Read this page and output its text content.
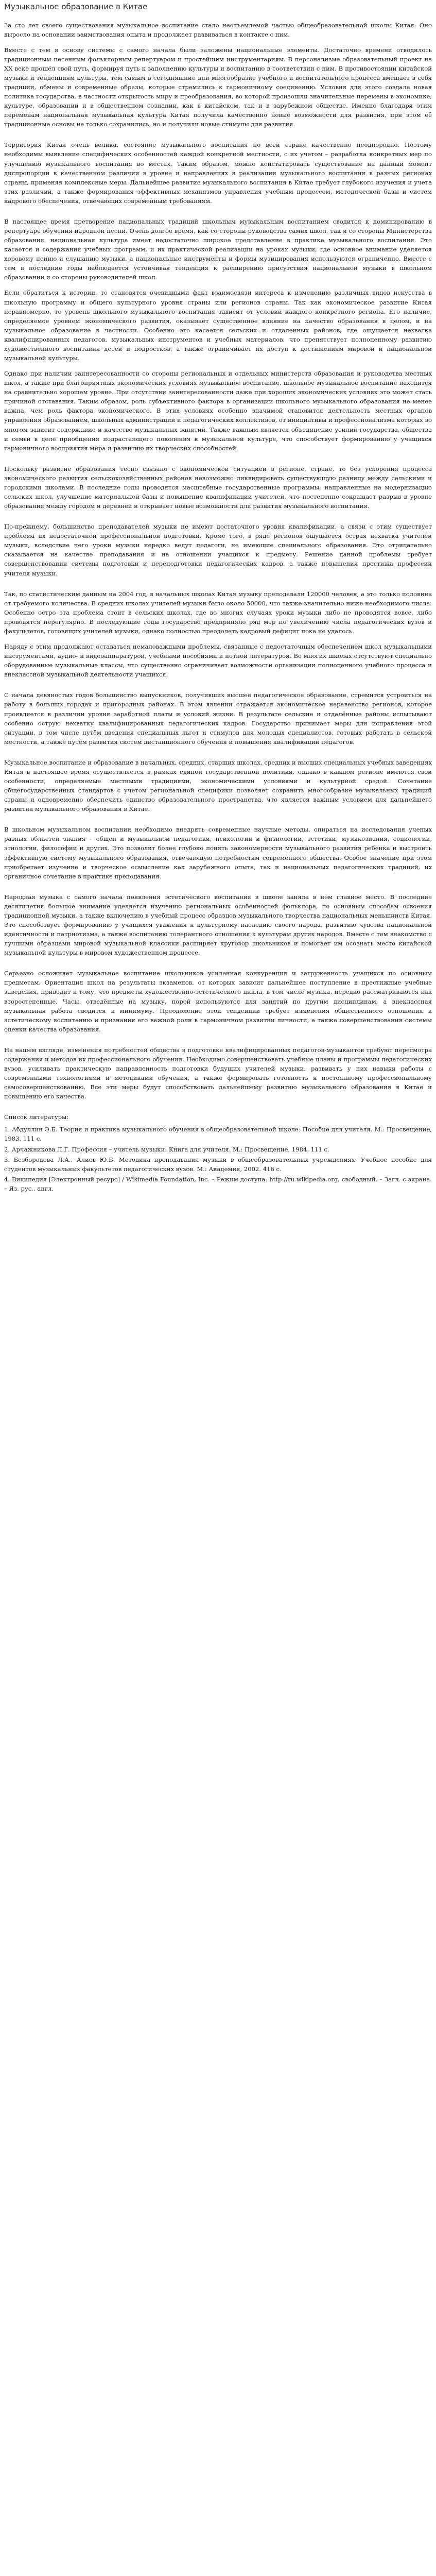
Музыкальное образование в Китае

За сто лет своего существования музыкальное воспитание стало неотъемлемой частью общеобразовательной школы Китая. Оно выросло на основании заимствования опыта и продолжает развиваться в контакте с ним.

Вместе с тем в основу системы с самого начала были заложены национальные элементы. Достаточно времени отводилось традиционным песенным фольклорным репертуаром и простейшим инструментариям. В персонализме образовательный проект на XX веке прошёл свой путь, формируя путь к заполнению культуры и воспитанию в соответствии с ним. В противостоянии китайской музыки и тенденциям культуры, тем самым в сегодняшние дни многообразие учебного и воспитательного процесса вмещает в себя традиции, обмены и современные образы, которые стремились к гармоничному соединению. Условия для этого создала новая политика государства, в частности открытость миру и преобразования, во которой произошли значительные перемены в экономике, культуре, образовании и в общественном сознании, как в китайском, так и в зарубежном обществе. Именно благодаря этим переменам национальная музыкальная культура Китая получила качественно новые возможности для развития, при этом её традиционные основы не только сохранились, но и получили новые стимулы для развития.

Территория Китая очень велика, состояние музыкального воспитания по всей стране качественно неоднородно. Поэтому необходимы выявление специфических особенностей каждой конкретной местности, с их учетом – разработка конкретных мер по улучшению музыкального воспитания во местах. Таким образом, можно констатировать существование на данный момент диспропорции в качественном различии в уровне и направлениях в реализации музыкального воспитания в разных регионах страны, применяя комплексные меры. Дальнейшее развитие музыкального воспитания в Китае требует глубокого изучения и учета этих различий, а также формирования эффективных механизмов управления учебным процессом, методической базы и систем кадрового обеспечения, отвечающих современным требованиям.

В настоящее время претворение национальных традиций школьным музыкальным воспитанием сводится к доминированию в репертуаре обучения народной песни. Очень долгое время, как со стороны руководства самих школ, так и со стороны Министерства образования, национальная культура имеет недостаточно широкое представление в практике музыкального воспитания. Это касается и содержания учебных программ, и их практической реализации на уроках музыки, где основное внимание уделяется хоровому пению и слушанию музыки, а национальные инструменты и формы музицирования используются ограниченно. Вместе с тем в последние годы наблюдается устойчивая тенденция к расширению присутствия национальной музыки в школьном образовании и со стороны руководителей школ.

Если обратиться к истории, то становятся очевидными факт взаимосвязи интереса к изменению различных видов искусства в школьную программу и общего культурного уровня страны или регионов страны. Так как экономическое развитие Китая неравномерно, то уровень школьного музыкального воспитания зависит от условий каждого конкретного региона. Его наличие, определяемое уровнем экономического развития, оказывает существенное влияние на качество образования в целом, и на музыкальное образование в частности. Особенно это касается сельских и отдаленных районов, где ощущается нехватка квалифицированных педагогов, музыкальных инструментов и учебных материалов, что препятствует полноценному развитию художественного воспитания детей и подростков, а также ограничивает их доступ к достижениям мировой и национальной музыкальной культуры.

Однако при наличии заинтересованности со стороны региональных и отдельных министерств образования и руководства местных школ, а также при благоприятных экономических условиях музыкальное воспитание, школьное музыкальное воспитание находится на сравнительно хорошем уровне. При отсутствии заинтересованности даже при хороших экономических условиях это может стать причиной отставания. Таким образом, роль субъективного фактора в организации школьного музыкального образования не менее важна, чем роль фактора экономического. В этих условиях особенно значимой становится деятельность местных органов управления образованием, школьных администраций и педагогических коллективов, от инициативы и профессионализма которых во многом зависит содержание и качество музыкальных занятий. Также важным является объединение усилий государства, общества и семьи в деле приобщения подрастающего поколения к музыкальной культуре, что способствует формированию у учащихся гармоничного восприятия мира и развитию их творческих способностей.

Поскольку развитие образования тесно связано с экономической ситуацией в регионе, стране, то без ускорения процесса экономического развития сельскохозяйственных районов невозможно ликвидировать существующую разницу между сельскими и городскими школами. В последние годы проводятся масштабные государственные программы, направленные на модернизацию сельских школ, улучшение материальной базы и повышение квалификации учителей, что постепенно сокращает разрыв в уровне образования между городом и деревней и открывает новые возможности для развития музыкального воспитания.

По-прежнему, большинство преподавателей музыки не имеют достаточного уровня квалификации, а связи с этим существует проблема их недостаточной профессиональной подготовки. Кроме того, в ряде регионов ощущается острая нехватка учителей музыки, вследствие чего уроки музыки нередко ведут педагоги, не имеющие специального образования. Это отрицательно сказывается на качестве преподавания и на отношении учащихся к предмету. Решение данной проблемы требует совершенствования системы подготовки и переподготовки педагогических кадров, а также повышения престижа профессии учителя музыки.

Так, по статистическим данным на 2004 год, в начальных школах Китая музыку преподавали 120000 человек, а это только половина от требуемого количества. В средних школах учителей музыки было около 50000, что также значительно ниже необходимого числа. Особенно остро эта проблема стоит в сельских школах, где во многих случаях уроки музыки либо не проводятся вовсе, либо проводятся нерегулярно. В последующие годы государство предприняло ряд мер по увеличению числа педагогических вузов и факультетов, готовящих учителей музыки, однако полностью преодолеть кадровый дефицит пока не удалось.

Наряду с этим продолжают оставаться немаловажными проблемы, связанные с недостаточным обеспечением школ музыкальными инструментами, аудио- и видеоаппаратурой, учебными пособиями и нотной литературой. Во многих школах отсутствуют специально оборудованные музыкальные классы, что существенно ограничивает возможности организации полноценного учебного процесса и внеклассной музыкальной деятельности учащихся.

С начала девяностых годов большинство выпускников, получивших высшее педагогическое образование, стремится устроиться на работу в больших городах и пригородных районах. В этом явлении отражается экономическое неравенство регионов, которое проявляется в различии уровня заработной платы и условий жизни. В результате сельские и отдалённые районы испытывают особенно острую нехватку квалифицированных педагогических кадров. Государство принимает меры для исправления этой ситуации, в том числе путём введения специальных льгот и стимулов для молодых специалистов, готовых работать в сельской местности, а также путём развития систем дистанционного обучения и повышения квалификации педагогов.

Музыкальное воспитание и образование в начальных, средних, старших школах, средних и высших специальных учебных заведениях Китая в настоящее время осуществляется в рамках единой государственной политики, однако в каждом регионе имеются свои особенности, определяемые местными традициями, экономическими условиями и культурной средой. Сочетание общегосударственных стандартов с учетом региональной специфики позволяет сохранить многообразие музыкальных традиций страны и одновременно обеспечить единство образовательного пространства, что является важным условием для дальнейшего развития музыкального образования в Китае.

В школьном музыкальном воспитании необходимо внедрять современные научные методы, опираться на исследования ученых разных областей знания – общей и музыкальной педагогики, психологии и физиологии, эстетики, музыкознания, социологии, этнологии, философии и других. Это позволит более глубоко понять закономерности музыкального развития ребенка и выстроить эффективную систему музыкального образования, отвечающую потребностям современного общества. Особое значение при этом приобретает изучение и творческое осмысление как зарубежного опыта, так и национальных педагогических традиций, их органичное сочетание в практике преподавания.

Народная музыка с самого начала появления эстетического воспитания в школе заняла в нем главное место. В последние десятилетия большое внимание уделяется изучению региональных особенностей фольклора, по основным способам освоения традиционной музыки, а также включению в учебный процесс образцов музыкального творчества национальных меньшинств Китая. Это способствует формированию у учащихся уважения к культурному наследию своего народа, развитию чувства национальной идентичности и патриотизма, а также воспитанию толерантного отношения к культурам других народов. Вместе с тем знакомство с лучшими образцами мировой музыкальной классики расширяет кругозор школьников и помогает им осознать место китайской музыкальной культуры в мировом художественном процессе.

Серьезно осложняет музыкальное воспитание школьников усиленная конкуренция и загруженность учащихся по основным предметам. Ориентация школ на результаты экзаменов, от которых зависит дальнейшее поступление в престижные учебные заведения, приводит к тому, что предметы художественно-эстетического цикла, в том числе музыка, нередко рассматриваются как второстепенные. Часы, отведённые на музыку, порой используются для занятий по другим дисциплинам, а внеклассная музыкальная работа сводится к минимуму. Преодоление этой тенденции требует изменения общественного отношения к эстетическому воспитанию и признания его важной роли в гармоничном развитии личности, а также совершенствования системы оценки качества образования.

На нашем взгляде, изменения потребностей общества в подготовке квалифицированных педагогов-музыкантов требуют пересмотра содержания и методов их профессионального обучения. Необходимо совершенствовать учебные планы и программы педагогических вузов, усиливать практическую направленность подготовки будущих учителей музыки, развивать у них навыки работы с современными технологиями и методиками обучения, а также формировать готовность к постоянному профессиональному самосовершенствованию. Все эти меры будут способствовать дальнейшему развитию музыкального образования в Китае и повышению его качества.

Список литературы:
1. Абдуллин Э.Б. Теория и практика музыкального обучения в общеобразовательной школе: Пособие для учителя. М.: Просвещение, 1983. 111 с.
2. Арчажникова Л.Г. Профессия – учитель музыки: Книга для учителя. М.: Просвещение, 1984. 111 с.
3. Безбородова Л.А., Алиев Ю.Б. Методика преподавания музыки в общеобразовательных учреждениях: Учебное пособие для студентов музыкальных факультетов педагогических вузов. М.: Академия, 2002. 416 с.
4. Википедия [Электронный ресурс] / Wikimedia Foundation, Inc. – Режим доступа: http://ru.wikipedia.org, свободный. – Загл. с экрана. – Яз. рус., англ.
